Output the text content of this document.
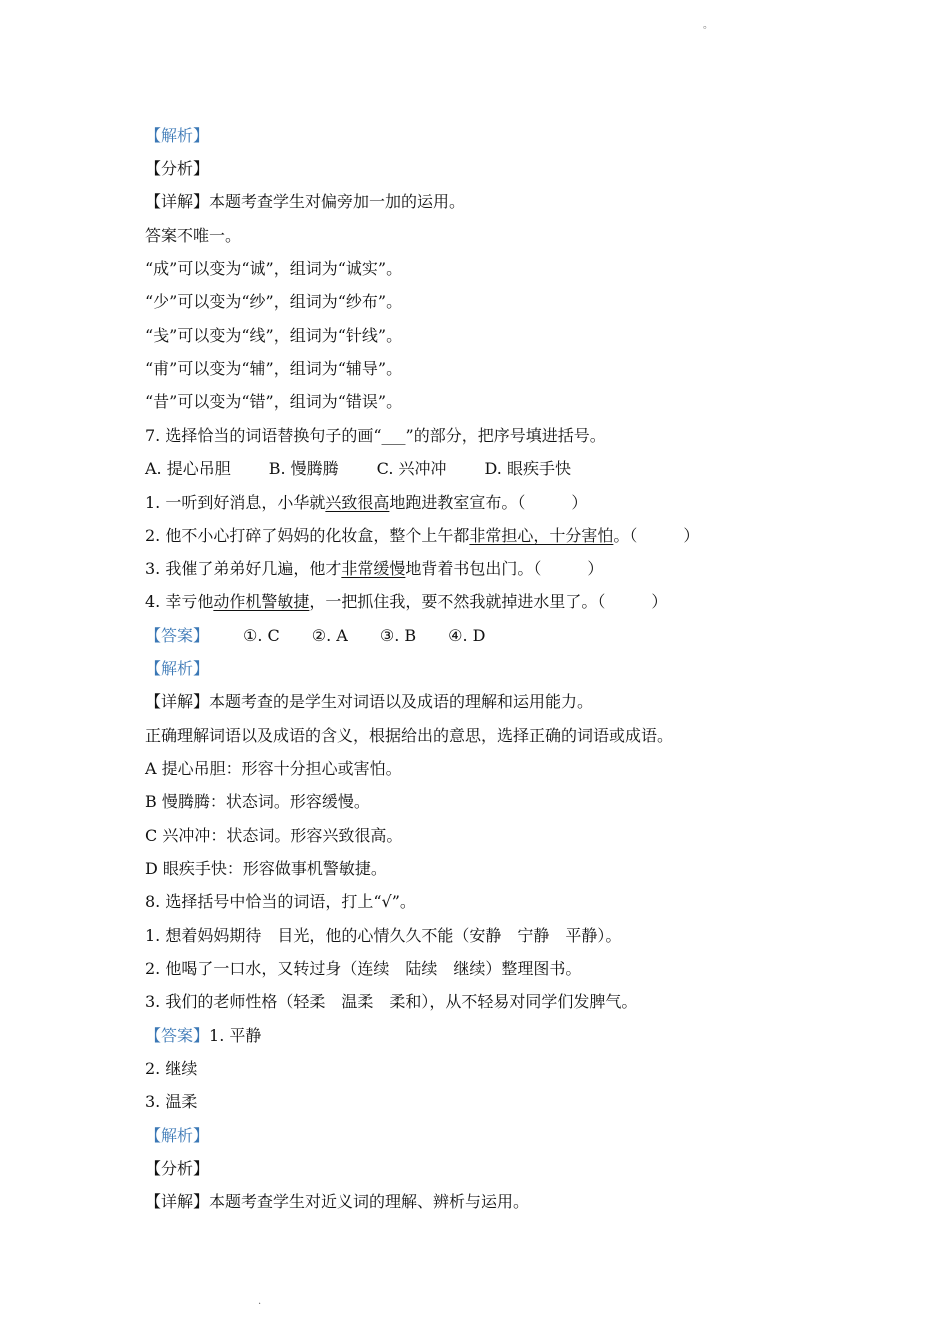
。
【解析】
【分析】
【详解】本题考查学生对偏旁加一加的运用。
答案不唯一。
“成”可以变为“诚”，组词为“诚实”。
“少”可以变为“纱”，组词为“纱布”。
“戋”可以变为“线”，组词为“针线”。
“甫”可以变为“辅”，组词为“辅导”。
“昔”可以变为“错”，组词为“错误”。
7. 选择恰当的词语替换句子的画“___”的部分，把序号填进括号。
A. 提心吊胆 B. 慢腾腾 C. 兴冲冲 D. 眼疾手快
1. 一听到好消息，小华就兴致很高地跑进教室宣布。（	）
2. 他不小心打碎了妈妈的化妆盒，整个上午都非常担心，十分害怕。（	）
3. 我催了弟弟好几遍，他才非常缓慢地背着书包出门。（	）
4. 幸亏他动作机警敏捷，一把抓住我，要不然我就掉进水里了。（	）
【答案】 ①. C ②. A ③. B ④. D
【解析】
【详解】本题考查的是学生对词语以及成语的理解和运用能力。
正确理解词语以及成语的含义，根据给出的意思，选择正确的词语或成语。
A 提心吊胆：形容十分担心或害怕。
B 慢腾腾：状态词。形容缓慢。
C 兴冲冲：状态词。形容兴致很高。
D 眼疾手快：形容做事机警敏捷。
8. 选择括号中恰当的词语，打上“√”。
1. 想着妈妈期待　目光，他的心情久久不能（安静　宁静　平静）。
2. 他喝了一口水，又转过身（连续　陆续　继续）整理图书。
3. 我们的老师性格（轻柔　温柔　柔和），从不轻易对同学们发脾气。
【答案】1. 平静
2. 继续
3. 温柔
【解析】
【分析】
【详解】本题考查学生对近义词的理解、辨析与运用。
.
